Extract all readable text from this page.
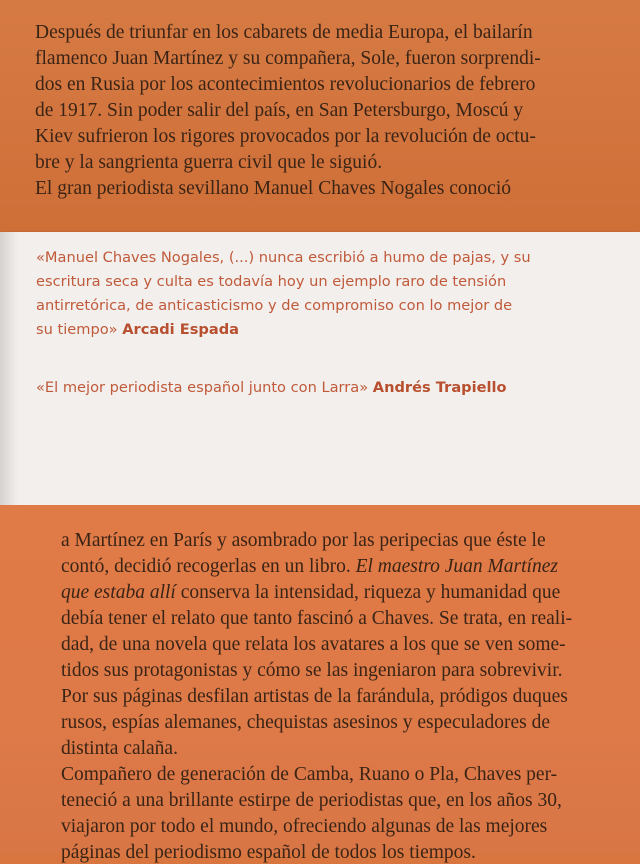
Después de triunfar en los cabarets de media Europa, el bailarín
flamenco Juan Martínez y su compañera, Sole, fueron sorprendi-
dos en Rusia por los acontecimientos revolucionarios de febrero
de 1917. Sin poder salir del país, en San Petersburgo, Moscú y
Kiev sufrieron los rigores provocados por la revolución de octu-
bre y la sangrienta guerra civil que le siguió.
El gran periodista sevillano Manuel Chaves Nogales conoció
«Manuel Chaves Nogales, (...) nunca escribió a humo de pajas, y su
escritura seca y culta es todavía hoy un ejemplo raro de tensión
antirretórica, de anticasticismo y de compromiso con lo mejor de
su tiempo» Arcadi Espada
«El mejor periodista español junto con Larra» Andrés Trapiello
a Martínez en París y asombrado por las peripecias que éste le
contó, decidió recogerlas en un libro. El maestro Juan Martínez
que estaba allí conserva la intensidad, riqueza y humanidad que
debía tener el relato que tanto fascinó a Chaves. Se trata, en reali-
dad, de una novela que relata los avatares a los que se ven some-
tidos sus protagonistas y cómo se las ingeniaron para sobrevivir.
Por sus páginas desfilan artistas de la farándula, pródigos duques
rusos, espías alemanes, chequistas asesinos y especuladores de
distinta calaña.
Compañero de generación de Camba, Ruano o Pla, Chaves per-
teneció a una brillante estirpe de periodistas que, en los años 30,
viajaron por todo el mundo, ofreciendo algunas de las mejores
páginas del periodismo español de todos los tiempos.
